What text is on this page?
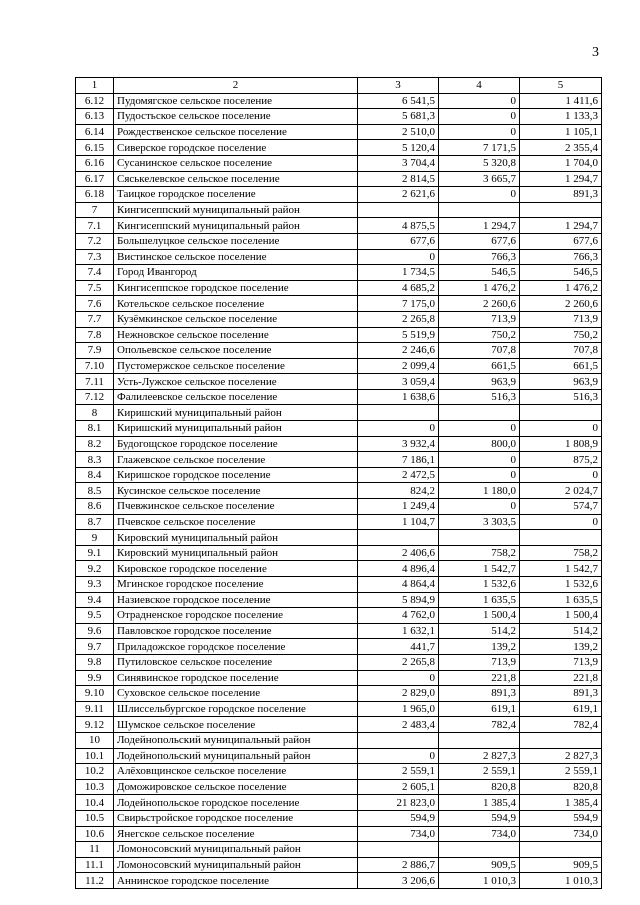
3
1	2	3	4	5
6.12	Пудомягское сельское поселение	6 541,5	0	1 411,6
6.13	Пудостьское сельское поселение	5 681,3	0	1 133,3
6.14	Рождественское сельское поселение	2 510,0	0	1 105,1
6.15	Сиверское городское поселение	5 120,4	7 171,5	2 355,4
6.16	Сусанинское сельское поселение	3 704,4	5 320,8	1 704,0
6.17	Сяськелевское сельское поселение	2 814,5	3 665,7	1 294,7
6.18	Таицкое городское поселение	2 621,6	0	891,3
7	Кингисеппский муниципальный район			
7.1	Кингисеппский муниципальный район	4 875,5	1 294,7	1 294,7
7.2	Большелуцкое сельское поселение	677,6	677,6	677,6
7.3	Вистинское сельское поселение	0	766,3	766,3
7.4	Город Ивангород	1 734,5	546,5	546,5
7.5	Кингисеппское городское поселение	4 685,2	1 476,2	1 476,2
7.6	Котельское сельское поселение	7 175,0	2 260,6	2 260,6
7.7	Кузёмкинское сельское поселение	2 265,8	713,9	713,9
7.8	Нежновское сельское поселение	5 519,9	750,2	750,2
7.9	Опольевское сельское поселение	2 246,6	707,8	707,8
7.10	Пустомержское сельское поселение	2 099,4	661,5	661,5
7.11	Усть-Лужское сельское поселение	3 059,4	963,9	963,9
7.12	Фалилеевское сельское поселение	1 638,6	516,3	516,3
8	Киришский муниципальный район			
8.1	Киришский муниципальный район	0	0	0
8.2	Будогощское городское поселение	3 932,4	800,0	1 808,9
8.3	Глажевское сельское поселение	7 186,1	0	875,2
8.4	Киришское городское поселение	2 472,5	0	0
8.5	Кусинское сельское поселение	824,2	1 180,0	2 024,7
8.6	Пчевжинское сельское поселение	1 249,4	0	574,7
8.7	Пчевское сельское поселение	1 104,7	3 303,5	0
9	Кировский муниципальный район			
9.1	Кировский муниципальный район	2 406,6	758,2	758,2
9.2	Кировское городское поселение	4 896,4	1 542,7	1 542,7
9.3	Мгинское городское поселение	4 864,4	1 532,6	1 532,6
9.4	Назиевское городское поселение	5 894,9	1 635,5	1 635,5
9.5	Отрадненское городское поселение	4 762,0	1 500,4	1 500,4
9.6	Павловское городское поселение	1 632,1	514,2	514,2
9.7	Приладожское городское поселение	441,7	139,2	139,2
9.8	Путиловское сельское поселение	2 265,8	713,9	713,9
9.9	Синявинское городское поселение	0	221,8	221,8
9.10	Суховское сельское поселение	2 829,0	891,3	891,3
9.11	Шлиссельбургское городское поселение	1 965,0	619,1	619,1
9.12	Шумское сельское поселение	2 483,4	782,4	782,4
10	Лодейнопольский муниципальный район			
10.1	Лодейнопольский муниципальный район	0	2 827,3	2 827,3
10.2	Алёховщинское сельское поселение	2 559,1	2 559,1	2 559,1
10.3	Доможировское сельское поселение	2 605,1	820,8	820,8
10.4	Лодейнопольское городское поселение	21 823,0	1 385,4	1 385,4
10.5	Свирьстройское городское поселение	594,9	594,9	594,9
10.6	Янегское сельское поселение	734,0	734,0	734,0
11	Ломоносовский муниципальный район			
11.1	Ломоносовский муниципальный район	2 886,7	909,5	909,5
11.2	Аннинское городское поселение	3 206,6	1 010,3	1 010,3
